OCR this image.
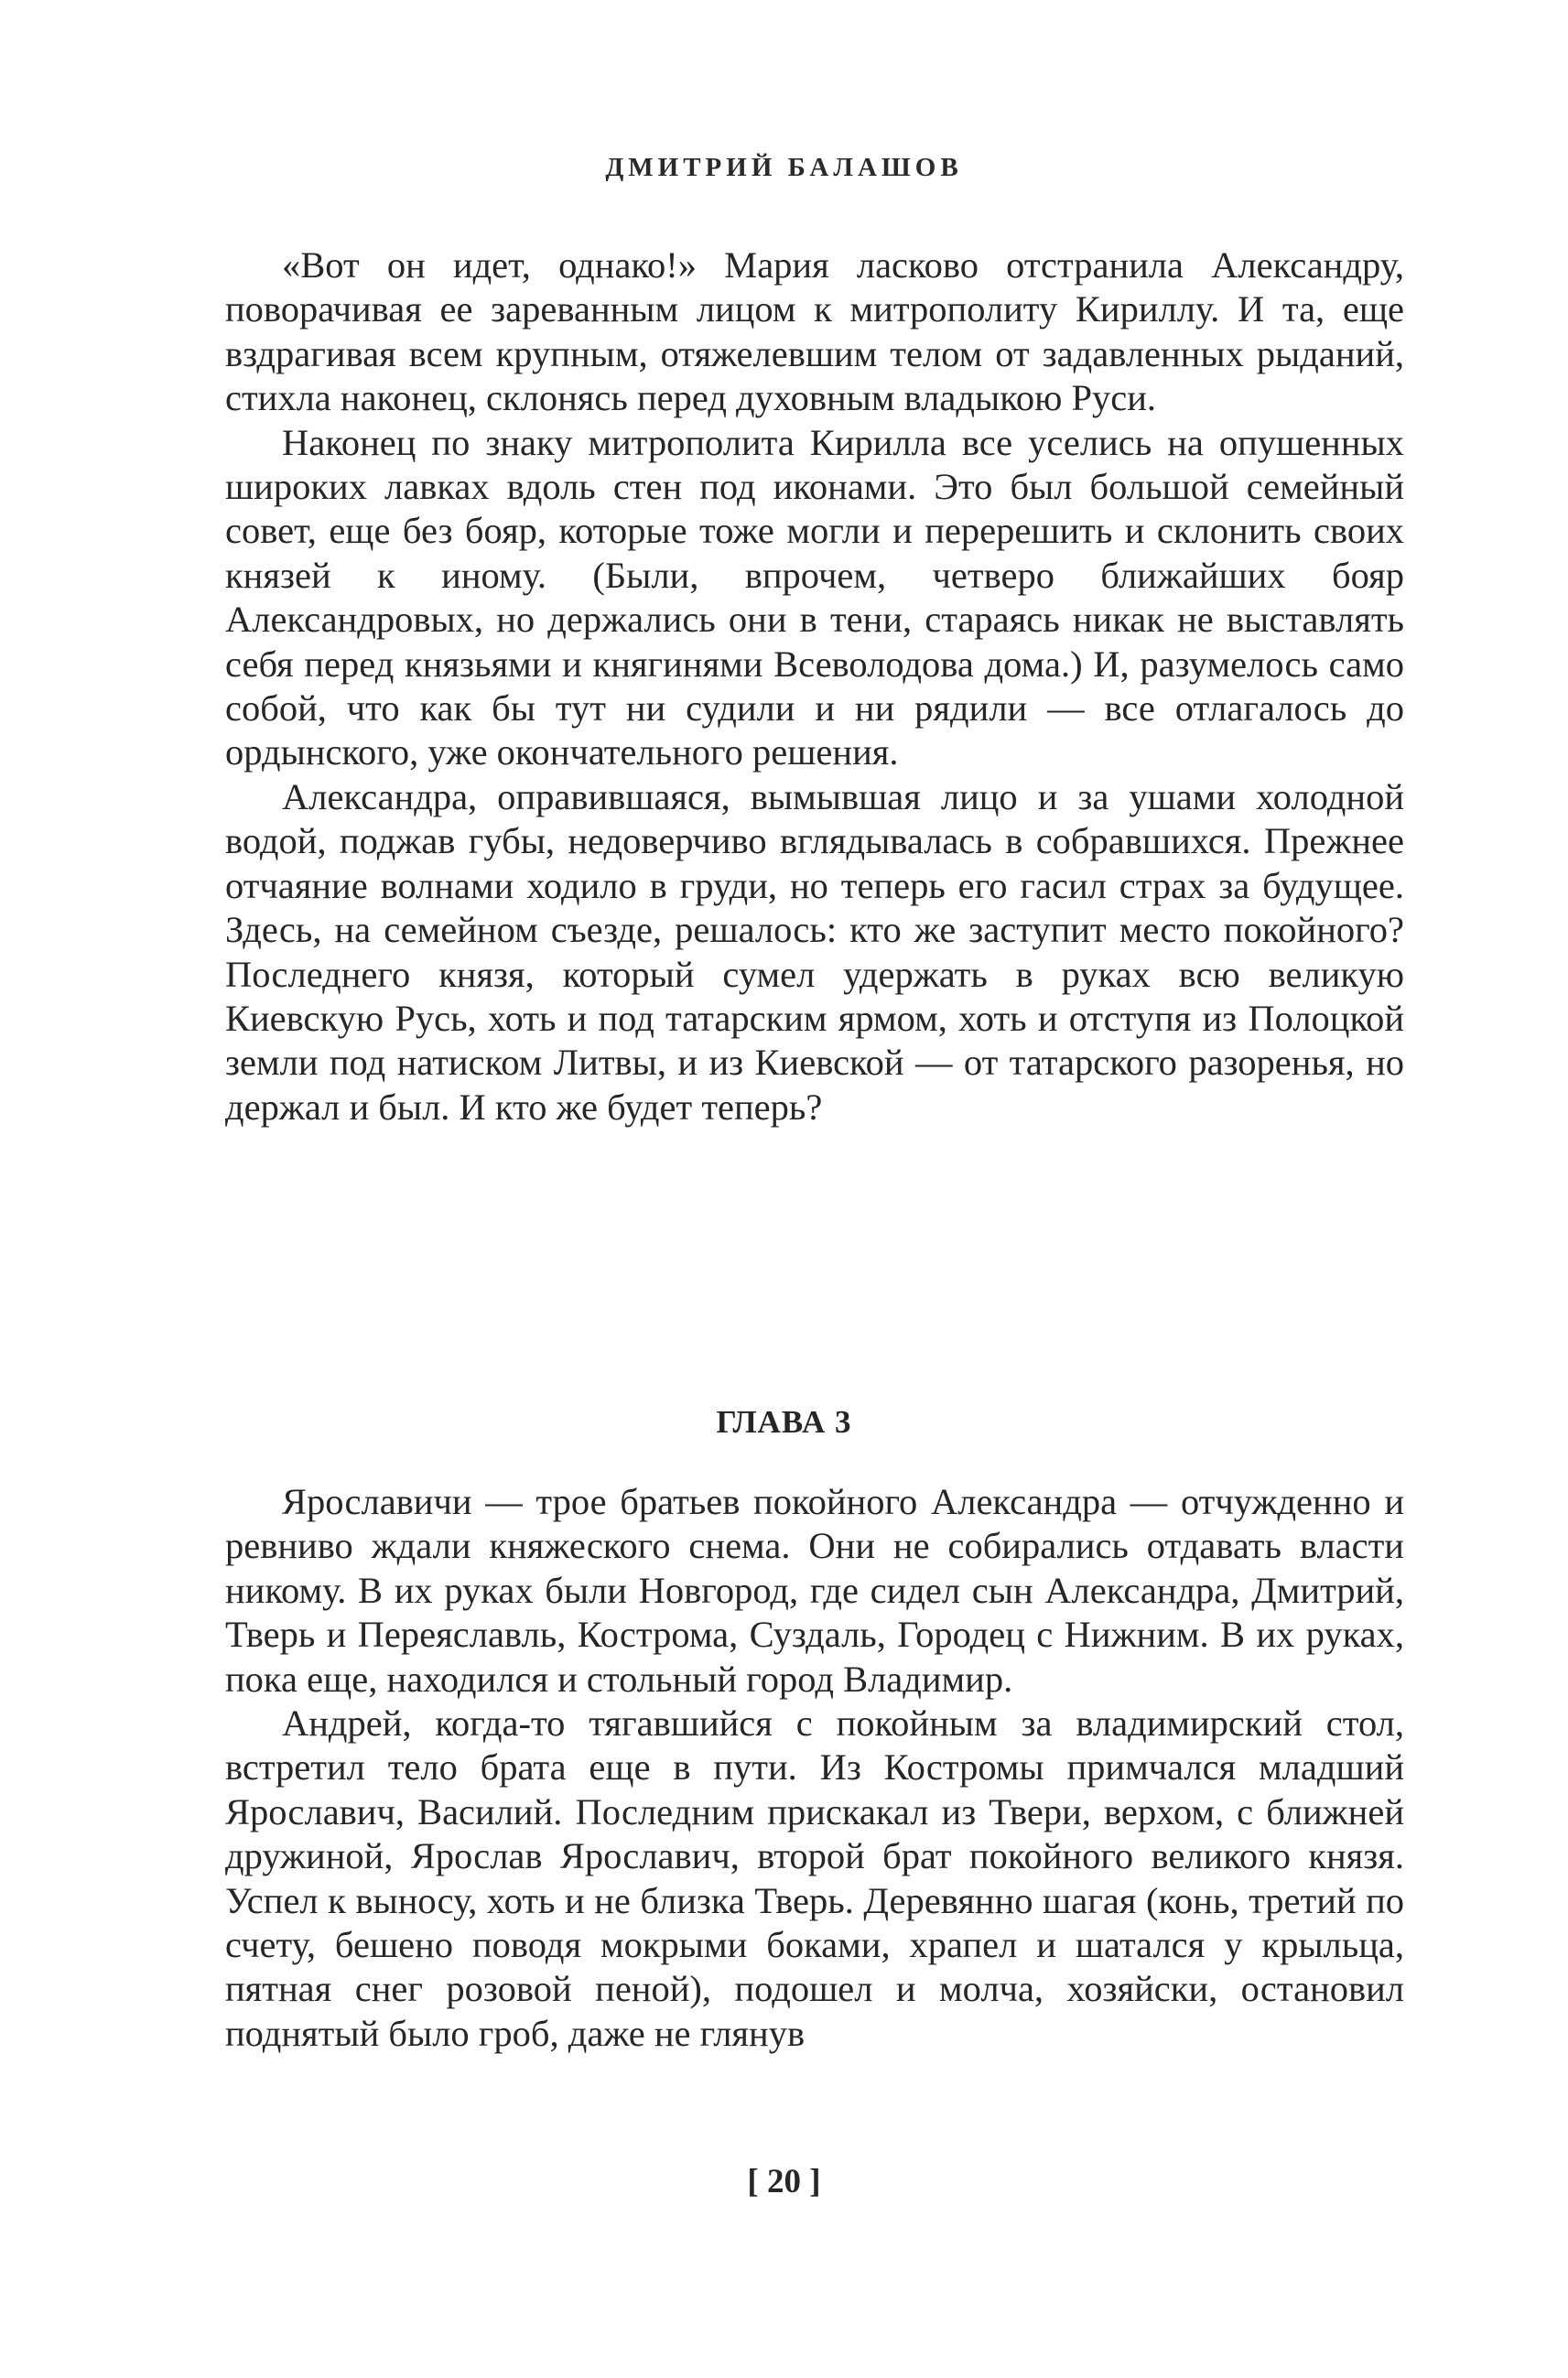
ДМИТРИЙ БАЛАШОВ

«Вот он идет, однако!» Мария ласково отстранила Александру, поворачивая ее зареванным лицом к митрополиту Кириллу. И та, еще вздрагивая всем крупным, отяжелевшим телом от задавленных рыданий, стихла наконец, склонясь перед духовным владыкою Руси.

Наконец по знаку митрополита Кирилла все уселись на опушенных широких лавках вдоль стен под иконами. Это был большой семейный совет, еще без бояр, которые тоже могли и перерешить и склонить своих князей к иному. (Были, впрочем, четверо ближайших бояр Александровых, но держались они в тени, стараясь никак не выставлять себя перед князьями и княгинями Всеволодова дома.) И, разумелось само собой, что как бы тут ни судили и ни рядили — все отлагалось до ордынского, уже окончательного решения.

Александра, оправившаяся, вымывшая лицо и за ушами холодной водой, поджав губы, недоверчиво вглядывалась в собравшихся. Прежнее отчаяние волнами ходило в груди, но теперь его гасил страх за будущее. Здесь, на семейном съезде, решалось: кто же заступит место покойного? Последнего князя, который сумел удержать в руках всю великую Киевскую Русь, хоть и под татарским ярмом, хоть и отступя из Полоцкой земли под натиском Литвы, и из Киевской — от татарского разоренья, но держал и был. И кто же будет теперь?

ГЛАВА 3

Ярославичи — трое братьев покойного Александра — отчужденно и ревниво ждали княжеского снема. Они не собирались отдавать власти никому. В их руках были Новгород, где сидел сын Александра, Дмитрий, Тверь и Переяславль, Кострома, Суздаль, Городец с Нижним. В их руках, пока еще, находился и стольный город Владимир.

Андрей, когда-то тягавшийся с покойным за владимирский стол, встретил тело брата еще в пути. Из Костромы примчался младший Ярославич, Василий. Последним прискакал из Твери, верхом, с ближней дружиной, Ярослав Ярославич, второй брат покойного великого князя. Успел к выносу, хоть и не близка Тверь. Деревянно шагая (конь, третий по счету, бешено поводя мокрыми боками, храпел и шатался у крыльца, пятная снег розовой пеной), подошел и молча, хозяйски, остановил поднятый было гроб, даже не глянув

[ 20 ]
